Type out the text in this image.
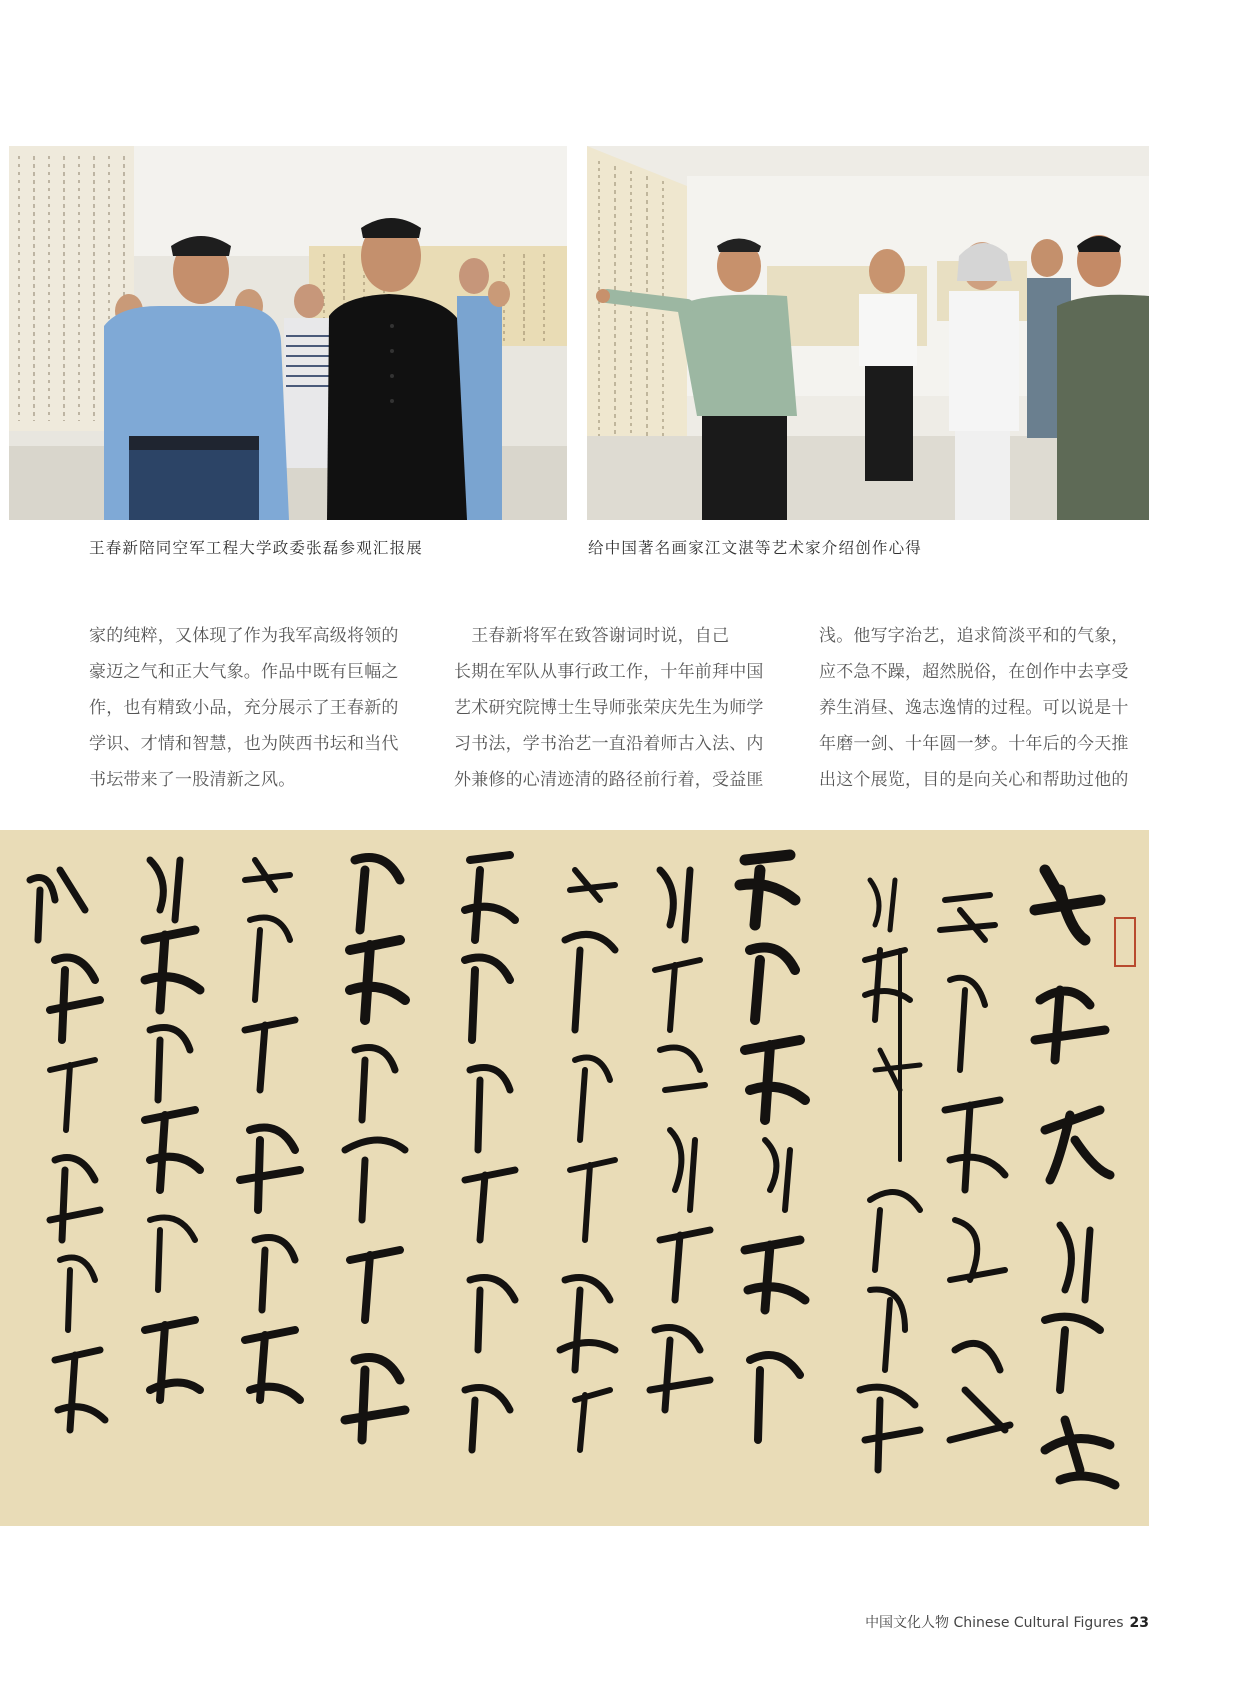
王春新陪同空军工程大学政委张磊参观汇报展	给中国著名画家江文湛等艺术家介绍创作心得
家的纯粹，又体现了作为我军高级将领的
豪迈之气和正大气象。作品中既有巨幅之
作，也有精致小品，充分展示了王春新的
学识、才情和智慧，也为陕西书坛和当代
书坛带来了一股清新之风。
　王春新将军在致答谢词时说，自己
长期在军队从事行政工作，十年前拜中国
艺术研究院博士生导师张荣庆先生为师学
习书法，学书治艺一直沿着师古入法、内
外兼修的心清迹清的路径前行着，受益匪
浅。他写字治艺，追求简淡平和的气象，
应不急不躁，超然脱俗，在创作中去享受
养生消昼、逸志逸情的过程。可以说是十
年磨一剑、十年圆一梦。十年后的今天推
出这个展览，目的是向关心和帮助过他的
中国文化人物 Chinese Cultural Figures 23
